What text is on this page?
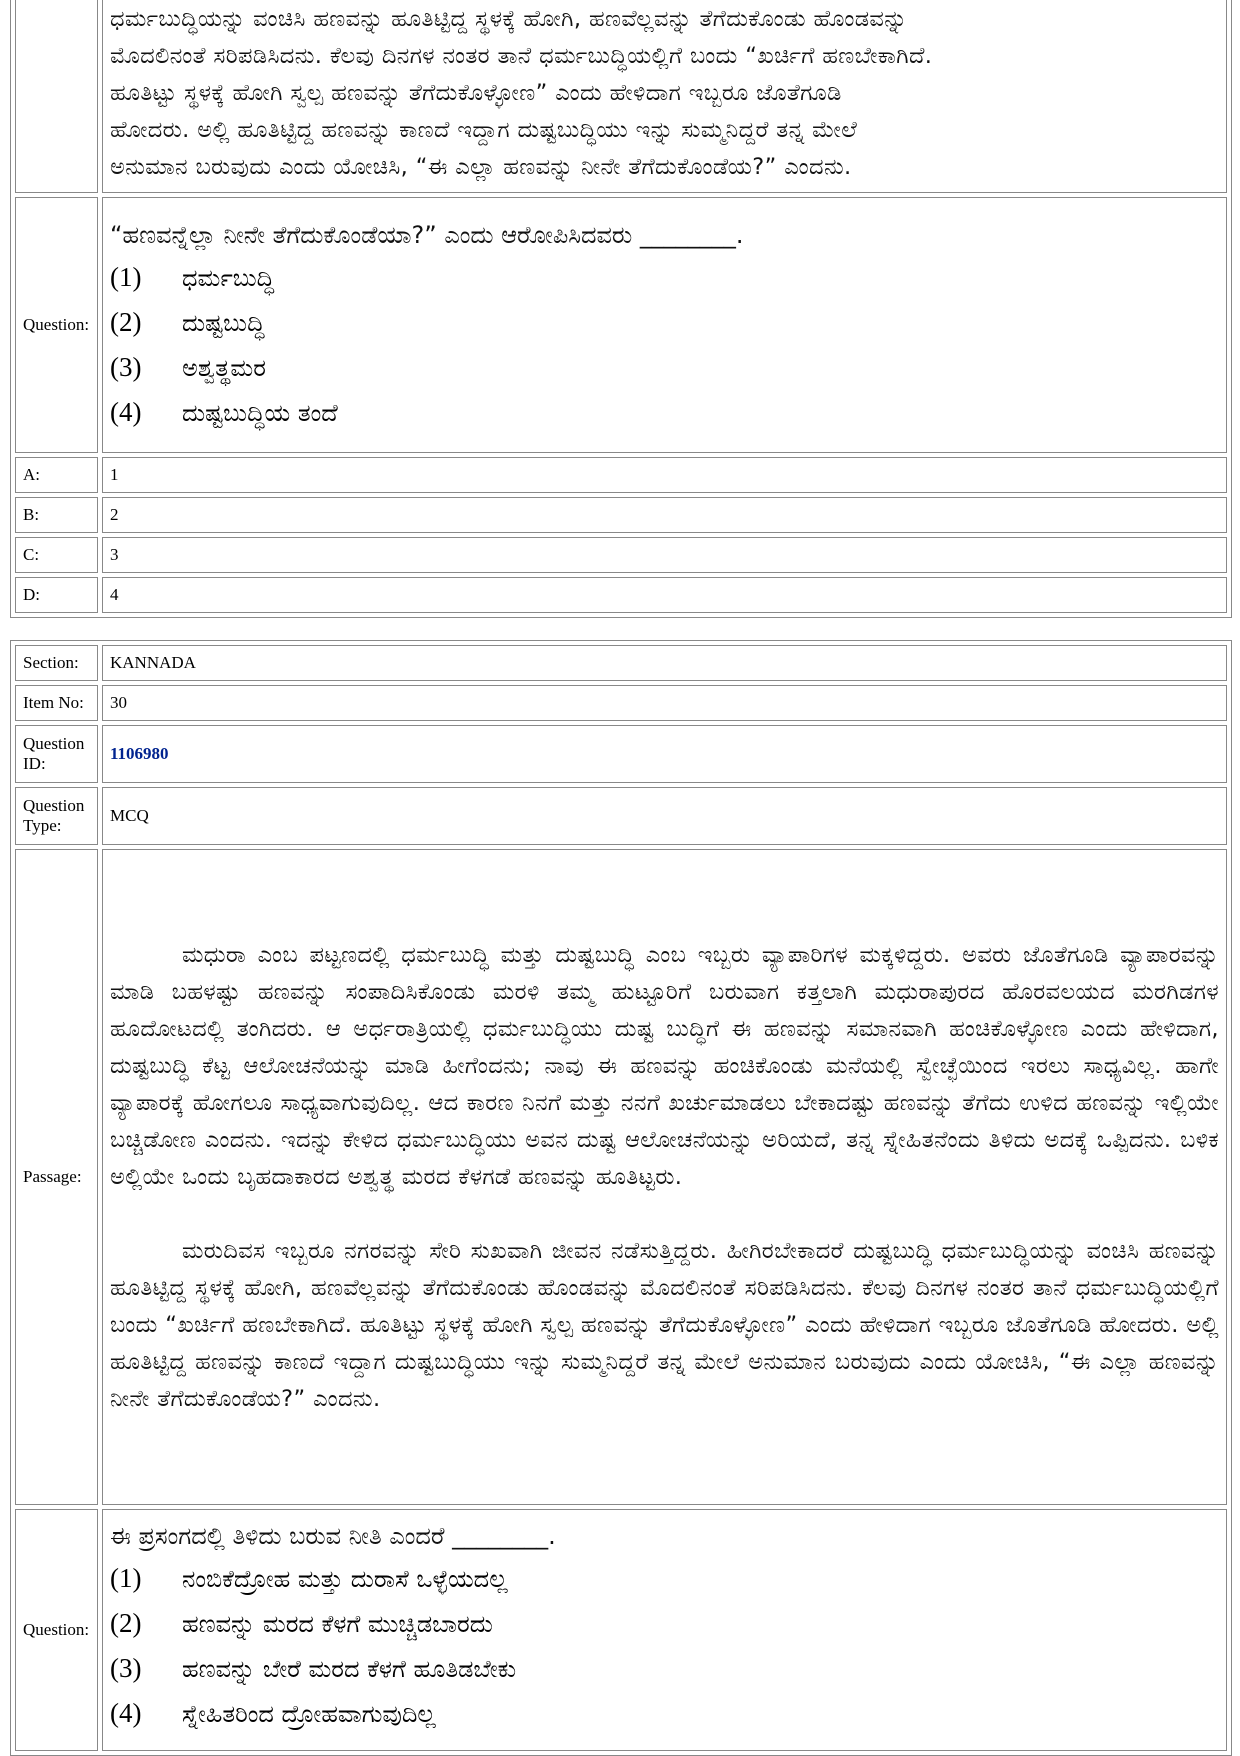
	ಧರ್ಮಬುದ್ಧಿಯನ್ನು ವಂಚಿಸಿ ಹಣವನ್ನು ಹೂತಿಟ್ಟಿದ್ದ ಸ್ಥಳಕ್ಕೆ ಹೋಗಿ, ಹಣವೆಲ್ಲವನ್ನು ತೆಗೆದುಕೊಂಡು ಹೊಂಡವನ್ನು
ಮೊದಲಿನಂತೆ ಸರಿಪಡಿಸಿದನು. ಕೆಲವು ದಿನಗಳ ನಂತರ ತಾನೆ ಧರ್ಮಬುದ್ಧಿಯಲ್ಲಿಗೆ ಬಂದು “ಖರ್ಚಿಗೆ ಹಣಬೇಕಾಗಿದೆ.
ಹೂತಿಟ್ಟು ಸ್ಥಳಕ್ಕೆ ಹೋಗಿ ಸ್ವಲ್ಪ ಹಣವನ್ನು ತೆಗೆದುಕೊಳ್ಳೋಣ” ಎಂದು ಹೇಳಿದಾಗ ಇಬ್ಬರೂ ಜೊತೆಗೂಡಿ
ಹೋದರು. ಅಲ್ಲಿ ಹೂತಿಟ್ಟಿದ್ದ ಹಣವನ್ನು ಕಾಣದೆ ಇದ್ದಾಗ ದುಷ್ಟಬುದ್ಧಿಯು ಇನ್ನು ಸುಮ್ಮನಿದ್ದರೆ ತನ್ನ ಮೇಲೆ
ಅನುಮಾನ ಬರುವುದು ಎಂದು ಯೋಚಿಸಿ, “ಈ ಎಲ್ಲಾ ಹಣವನ್ನು ನೀನೇ ತೆಗೆದುಕೊಂಡೆಯ?” ಎಂದನು.

Question:	“ಹಣವನ್ನೆಲ್ಲಾ ನೀನೇ ತೆಗೆದುಕೊಂಡೆಯಾ?” ಎಂದು ಆರೋಪಿಸಿದವರು ________.
(1) ಧರ್ಮಬುದ್ಧಿ
(2) ದುಷ್ಟಬುದ್ಧಿ
(3) ಅಶ್ವತ್ಥಮರ
(4) ದುಷ್ಟಬುದ್ಧಿಯ ತಂದೆ

A:	1
B:	2
C:	3
D:	4
Section:	KANNADA
Item No:	30
Question ID:	1106980
Question Type:	MCQ
Passage:	ಮಧುರಾ ಎಂಬ ಪಟ್ಟಣದಲ್ಲಿ ಧರ್ಮಬುದ್ಧಿ ಮತ್ತು ದುಷ್ಟಬುದ್ಧಿ ಎಂಬ ಇಬ್ಬರು ವ್ಯಾಪಾರಿಗಳ ಮಕ್ಕಳಿದ್ದರು. ಅವರು ಜೊತೆಗೂಡಿ ವ್ಯಾಪಾರವನ್ನು ಮಾಡಿ ಬಹಳಷ್ಟು ಹಣವನ್ನು ಸಂಪಾದಿಸಿಕೊಂಡು ಮರಳಿ ತಮ್ಮ ಹುಟ್ಟೂರಿಗೆ ಬರುವಾಗ ಕತ್ತಲಾಗಿ ಮಧುರಾಪುರದ ಹೊರವಲಯದ ಮರಗಿಡಗಳ ಹೂದೋಟದಲ್ಲಿ ತಂಗಿದರು. ಆ ಅರ್ಧರಾತ್ರಿಯಲ್ಲಿ ಧರ್ಮಬುದ್ಧಿಯು ದುಷ್ಟ ಬುದ್ಧಿಗೆ ಈ ಹಣವನ್ನು ಸಮಾನವಾಗಿ ಹಂಚಿಕೊಳ್ಳೋಣ ಎಂದು ಹೇಳಿದಾಗ, ದುಷ್ಟಬುದ್ಧಿ ಕೆಟ್ಟ ಆಲೋಚನೆಯನ್ನು ಮಾಡಿ ಹೀಗೆಂದನು; ನಾವು ಈ ಹಣವನ್ನು ಹಂಚಿಕೊಂಡು ಮನೆಯಲ್ಲಿ ಸ್ವೇಚ್ಛೆಯಿಂದ ಇರಲು ಸಾಧ್ಯವಿಲ್ಲ. ಹಾಗೇ ವ್ಯಾಪಾರಕ್ಕೆ ಹೋಗಲೂ ಸಾಧ್ಯವಾಗುವುದಿಲ್ಲ. ಆದ ಕಾರಣ ನಿನಗೆ ಮತ್ತು ನನಗೆ ಖರ್ಚುಮಾಡಲು ಬೇಕಾದಷ್ಟು ಹಣವನ್ನು ತೆಗೆದು ಉಳಿದ ಹಣವನ್ನು ಇಲ್ಲಿಯೇ ಬಚ್ಚಿಡೋಣ ಎಂದನು. ಇದನ್ನು ಕೇಳಿದ ಧರ್ಮಬುದ್ಧಿಯು ಅವನ ದುಷ್ಟ ಆಲೋಚನೆಯನ್ನು ಅರಿಯದೆ, ತನ್ನ ಸ್ನೇಹಿತನೆಂದು ತಿಳಿದು ಅದಕ್ಕೆ ಒಪ್ಪಿದನು. ಬಳಿಕ ಅಲ್ಲಿಯೇ ಒಂದು ಬೃಹದಾಕಾರದ ಅಶ್ವತ್ಥ ಮರದ ಕೆಳಗಡೆ ಹಣವನ್ನು ಹೂತಿಟ್ಟರು.

ಮರುದಿವಸ ಇಬ್ಬರೂ ನಗರವನ್ನು ಸೇರಿ ಸುಖವಾಗಿ ಜೀವನ ನಡೆಸುತ್ತಿದ್ದರು. ಹೀಗಿರಬೇಕಾದರೆ ದುಷ್ಟಬುದ್ಧಿ ಧರ್ಮಬುದ್ಧಿಯನ್ನು ವಂಚಿಸಿ ಹಣವನ್ನು ಹೂತಿಟ್ಟಿದ್ದ ಸ್ಥಳಕ್ಕೆ ಹೋಗಿ, ಹಣವೆಲ್ಲವನ್ನು ತೆಗೆದುಕೊಂಡು ಹೊಂಡವನ್ನು ಮೊದಲಿನಂತೆ ಸರಿಪಡಿಸಿದನು. ಕೆಲವು ದಿನಗಳ ನಂತರ ತಾನೆ ಧರ್ಮಬುದ್ಧಿಯಲ್ಲಿಗೆ ಬಂದು “ಖರ್ಚಿಗೆ ಹಣಬೇಕಾಗಿದೆ. ಹೂತಿಟ್ಟು ಸ್ಥಳಕ್ಕೆ ಹೋಗಿ ಸ್ವಲ್ಪ ಹಣವನ್ನು ತೆಗೆದುಕೊಳ್ಳೋಣ” ಎಂದು ಹೇಳಿದಾಗ ಇಬ್ಬರೂ ಜೊತೆಗೂಡಿ ಹೋದರು. ಅಲ್ಲಿ ಹೂತಿಟ್ಟಿದ್ದ ಹಣವನ್ನು ಕಾಣದೆ ಇದ್ದಾಗ ದುಷ್ಟಬುದ್ಧಿಯು ಇನ್ನು ಸುಮ್ಮನಿದ್ದರೆ ತನ್ನ ಮೇಲೆ ಅನುಮಾನ ಬರುವುದು ಎಂದು ಯೋಚಿಸಿ, “ಈ ಎಲ್ಲಾ ಹಣವನ್ನು ನೀನೇ ತೆಗೆದುಕೊಂಡೆಯ?” ಎಂದನು.

Question:	ಈ ಪ್ರಸಂಗದಲ್ಲಿ ತಿಳಿದು ಬರುವ ನೀತಿ ಎಂದರೆ ________.
(1) ನಂಬಿಕೆದ್ರೋಹ ಮತ್ತು ದುರಾಸೆ ಒಳ್ಳೆಯದಲ್ಲ
(2) ಹಣವನ್ನು ಮರದ ಕೆಳಗೆ ಮುಚ್ಚಿಡಬಾರದು
(3) ಹಣವನ್ನು ಬೇರೆ ಮರದ ಕೆಳಗೆ ಹೂತಿಡಬೇಕು
(4) ಸ್ನೇಹಿತರಿಂದ ದ್ರೋಹವಾಗುವುದಿಲ್ಲ
